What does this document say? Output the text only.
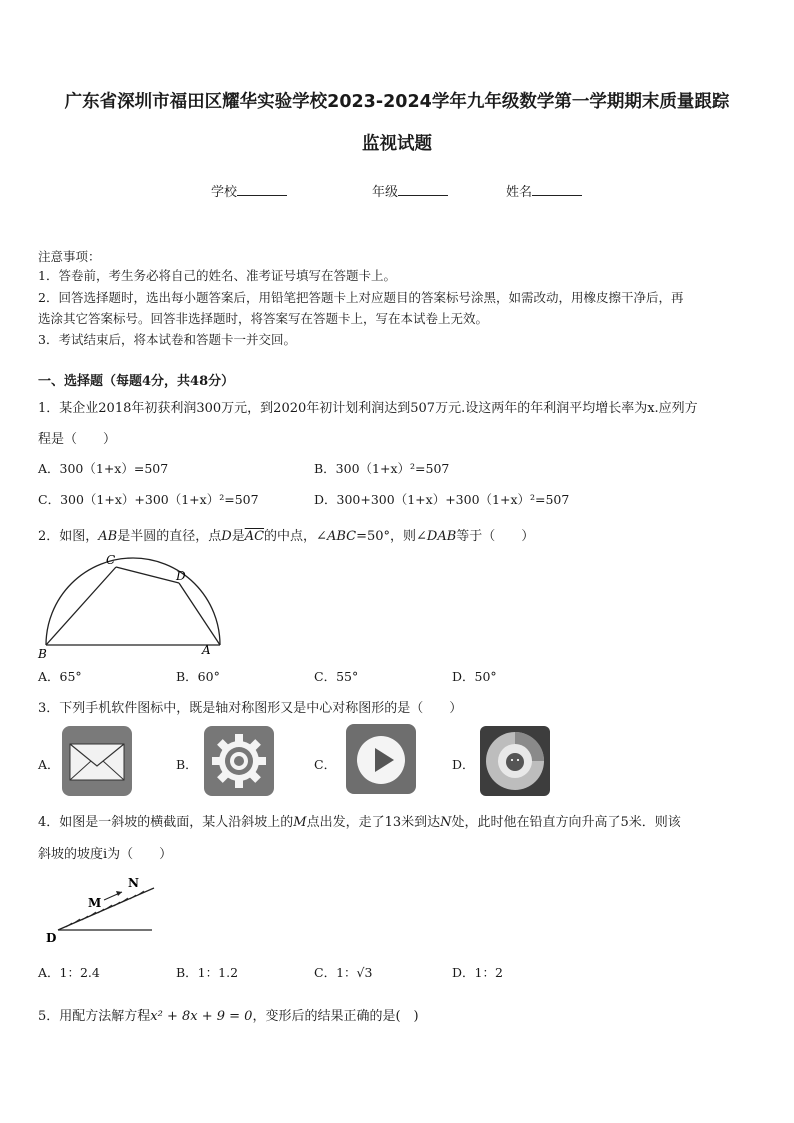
广东省深圳市福田区耀华实验学校2023-2024学年九年级数学第一学期期末质量跟踪
监视试题
学校	年级	姓名
注意事项：
1．答卷前，考生务必将自己的姓名、准考证号填写在答题卡上。
2．回答选择题时，选出每小题答案后，用铅笔把答题卡上对应题目的答案标号涂黑，如需改动，用橡皮擦干净后，再
选涂其它答案标号。回答非选择题时，将答案写在答题卡上，写在本试卷上无效。
3．考试结束后，将本试卷和答题卡一并交回。
一、选择题（每题4分，共48分）
1．某企业2018年初获利润300万元，到2020年初计划利润达到507万元.设这两年的年利润平均增长率为x.应列方
程是（　　）
A．300（1+x）=507	B．300（1+x）²=507
C．300（1+x）+300（1+x）²=507	D．300+300（1+x）+300（1+x）²=507
2．如图，AB是半圆的直径，点D是$\overline{AC}$的中点，∠ABC=50°，则∠DAB等于（　　）
C
D
B	A
A．65°	B．60°	C．55°	D．50°
3．下列手机软件图标中，既是轴对称图形又是中心对称图形的是（　　）
A．	B．	C．	D．
4．如图是一斜坡的横截面，某人沿斜坡上的M点出发，走了13米到达N处，此时他在铅直方向升高了5米．则该
斜坡的坡度i为（　　）
M
N
D
A．1：2.4	B．1：1.2	C．1：√3	D．1：2
5．用配方法解方程x² + 8x + 9 = 0，变形后的结果正确的是(　)
